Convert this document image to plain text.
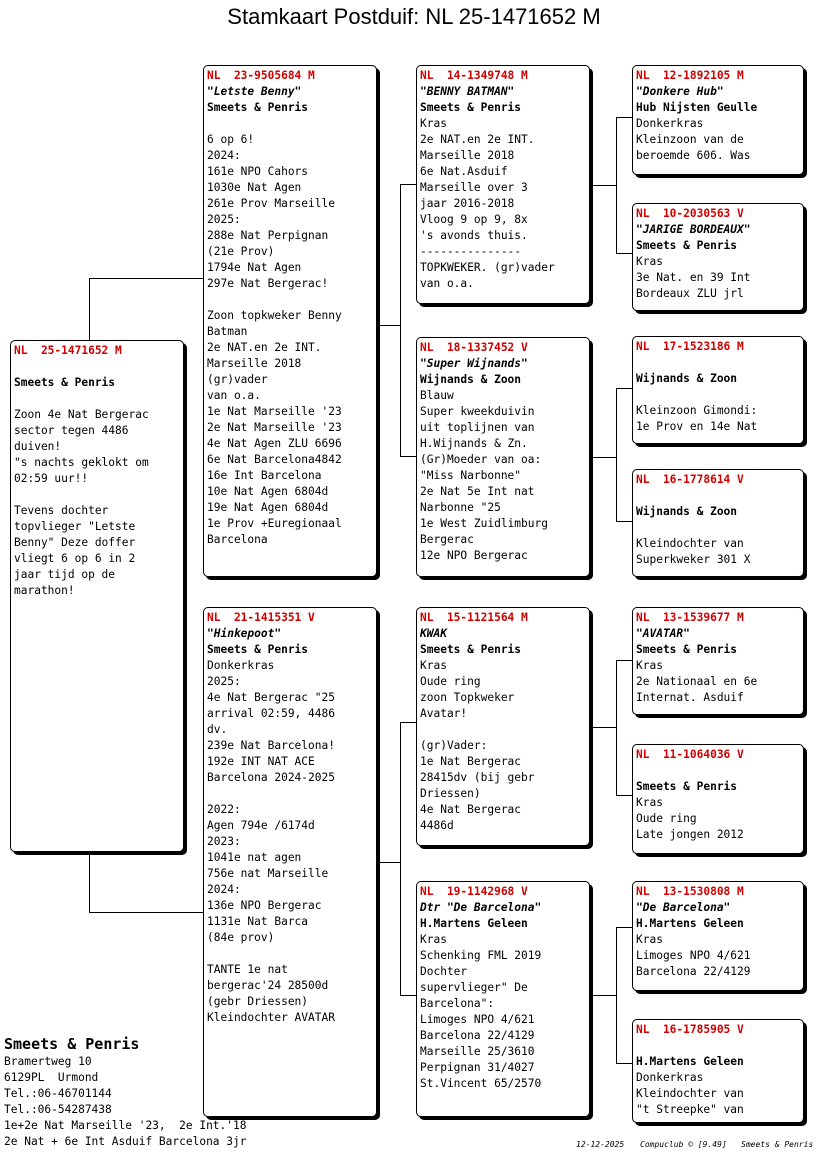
Stamkaart Postduif: NL 25-1471652 M
NL  25-1471652 M
Smeets & Penris
Zoon 4e Nat Bergerac
sector tegen 4486
duiven!
"s nachts geklokt om
02:59 uur!!
Tevens dochter
topvlieger "Letste
Benny" Deze doffer
vliegt 6 op 6 in 2
jaar tijd op de
marathon!
NL  23-9505684 M
"Letste Benny"
Smeets & Penris
6 op 6!
2024:
161e NPO Cahors
1030e Nat Agen
261e Prov Marseille
2025:
288e Nat Perpignan
(21e Prov)
1794e Nat Agen
297e Nat Bergerac!
Zoon topkweker Benny
Batman
2e NAT.en 2e INT.
Marseille 2018
(gr)vader
van o.a.
1e Nat Marseille '23
2e Nat Marseille '23
4e Nat Agen ZLU 6696
6e Nat Barcelona4842
16e Int Barcelona
10e Nat Agen 6804d
19e Nat Agen 6804d
1e Prov +Euregionaal
Barcelona
NL  21-1415351 V
"Hinkepoot"
Smeets & Penris
Donkerkras
2025:
4e Nat Bergerac "25
arrival 02:59, 4486
dv.
239e Nat Barcelona!
192e INT NAT ACE
Barcelona 2024-2025
2022:
Agen 794e /6174d
2023:
1041e nat agen
756e nat Marseille
2024:
136e NPO Bergerac
1131e Nat Barca
(84e prov)
TANTE 1e nat
bergerac'24 28500d
(gebr Driessen)
Kleindochter AVATAR
NL  14-1349748 M
"BENNY BATMAN"
Smeets & Penris
Kras
2e NAT.en 2e INT.
Marseille 2018
6e Nat.Asduif
Marseille over 3
jaar 2016-2018
Vloog 9 op 9, 8x
's avonds thuis.
---------------
TOPKWEKER. (gr)vader
van o.a.
NL  18-1337452 V
"Super Wijnands"
Wijnands & Zoon
Blauw
Super kweekduivin
uit toplijnen van
H.Wijnands & Zn.
(Gr)Moeder van oa:
"Miss Narbonne"
2e Nat 5e Int nat
Narbonne "25
1e West Zuidlimburg
Bergerac
12e NPO Bergerac
NL  15-1121564 M
KWAK
Smeets & Penris
Kras
Oude ring
zoon Topkweker
Avatar!
(gr)Vader:
1e Nat Bergerac
28415dv (bij gebr
Driessen)
4e Nat Bergerac
4486d
NL  19-1142968 V
Dtr "De Barcelona"
H.Martens Geleen
Kras
Schenking FML 2019
Dochter
supervlieger" De
Barcelona":
Limoges NPO 4/621
Barcelona 22/4129
Marseille 25/3610
Perpignan 31/4027
St.Vincent 65/2570
NL  12-1892105 M
"Donkere Hub"
Hub Nijsten Geulle
Donkerkras
Kleinzoon van de
beroemde 606. Was
NL  10-2030563 V
"JARIGE BORDEAUX"
Smeets & Penris
Kras
3e Nat. en 39 Int
Bordeaux ZLU jrl
NL  17-1523186 M
Wijnands & Zoon
Kleinzoon Gimondi:
1e Prov en 14e Nat
NL  16-1778614 V
Wijnands & Zoon
Kleindochter van
Superkweker 301 X
NL  13-1539677 M
"AVATAR"
Smeets & Penris
Kras
2e Nationaal en 6e
Internat. Asduif
NL  11-1064036 V
Smeets & Penris
Kras
Oude ring
Late jongen 2012
NL  13-1530808 M
"De Barcelona"
H.Martens Geleen
Kras
Limoges NPO 4/621
Barcelona 22/4129
NL  16-1785905 V
H.Martens Geleen
Donkerkras
Kleindochter van
"t Streepke" van
Smeets & Penris
Bramertweg 10
6129PL  Urmond
Tel.:06-46701144
Tel.:06-54287438
1e+2e Nat Marseille '23,  2e Int.'18
2e Nat + 6e Int Asduif Barcelona 3jr	12-12-2025 Compuclub © [9.49] Smeets & Penris
